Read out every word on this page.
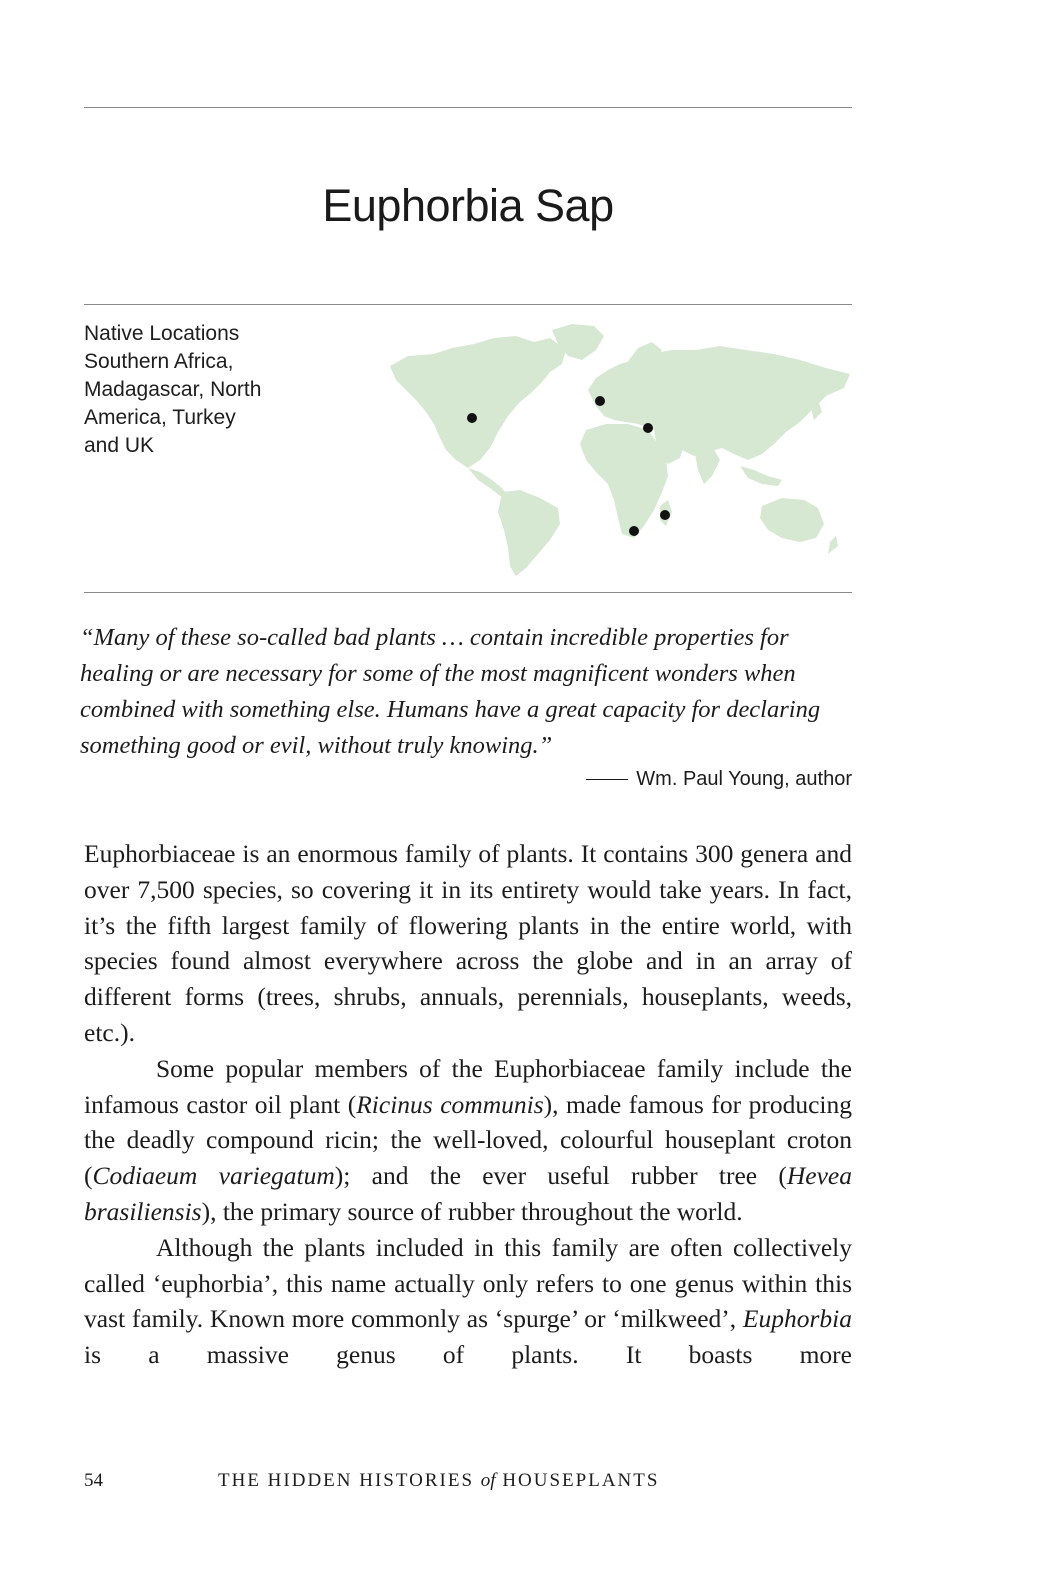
Euphorbia Sap
Native Locations
Southern Africa,
Madagascar, North
America, Turkey
and UK

“Many of these so-called bad plants … contain incredible properties for healing or are necessary for some of the most magnificent wonders when combined with something else. Humans have a great capacity for declaring something good or evil, without truly knowing.”

Wm. Paul Young, author

Euphorbiaceae is an enormous family of plants. It contains 300 genera and over 7,500 species, so covering it in its entirety would take years. In fact, it’s the fifth largest family of flowering plants in the entire world, with species found almost everywhere across the globe and in an array of different forms (trees, shrubs, annuals, perennials, houseplants, weeds, etc.).

Some popular members of the Euphorbiaceae family include the infamous castor oil plant (Ricinus communis), made famous for producing the deadly compound ricin; the well-loved, colourful houseplant croton (Codiaeum variegatum); and the ever useful rubber tree (Hevea brasiliensis), the primary source of rubber throughout the world.

Although the plants included in this family are often collectively called ‘euphorbia’, this name actually only refers to one genus within this vast family. Known more commonly as ‘spurge’ or ‘milkweed’, Euphorbia is a massive genus of plants. It boasts more

54	THE HIDDEN HISTORIES of HOUSEPLANTS
